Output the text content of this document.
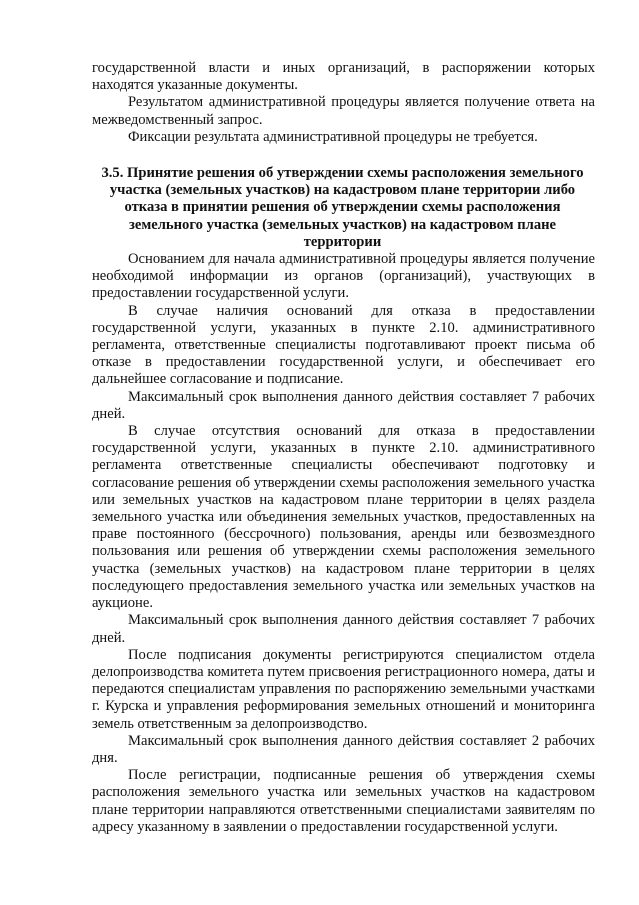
государственной власти и иных организаций, в распоряжении которых находятся указанные документы.

Результатом административной процедуры является получение ответа на межведомственный запрос.

Фиксации результата административной процедуры не требуется.

3.5. Принятие решения об утверждении схемы расположения земельного участка (земельных участков) на кадастровом плане территории либо отказа в принятии решения об утверждении схемы расположения земельного участка (земельных участков) на кадастровом плане территории

Основанием для начала административной процедуры является получение необходимой информации из органов (организаций), участвующих в предоставлении государственной услуги.

В случае наличия оснований для отказа в предоставлении государственной услуги, указанных в пункте 2.10. административного регламента, ответственные специалисты подготавливают проект письма об отказе в предоставлении государственной услуги, и обеспечивает его дальнейшее согласование и подписание.

Максимальный срок выполнения данного действия составляет 7 рабочих дней.

В случае отсутствия оснований для отказа в предоставлении государственной услуги, указанных в пункте 2.10. административного регламента ответственные специалисты обеспечивают подготовку и согласование решения об утверждении схемы расположения земельного участка или земельных участков на кадастровом плане территории в целях раздела земельного участка или объединения земельных участков, предоставленных на праве постоянного (бессрочного) пользования, аренды или безвозмездного пользования или решения об утверждении схемы расположения земельного участка (земельных участков) на кадастровом плане территории в целях последующего предоставления земельного участка или земельных участков на аукционе.

Максимальный срок выполнения данного действия составляет 7 рабочих дней.

После подписания документы регистрируются специалистом отдела делопроизводства комитета путем присвоения регистрационного номера, даты и передаются специалистам управления по распоряжению земельными участками г. Курска и управления реформирования земельных отношений и мониторинга земель ответственным за делопроизводство.

Максимальный срок выполнения данного действия составляет 2 рабочих дня.

После регистрации, подписанные решения об утверждения схемы расположения земельного участка или земельных участков на кадастровом плане территории направляются ответственными специалистами заявителям по адресу указанному в заявлении о предоставлении государственной услуги.
